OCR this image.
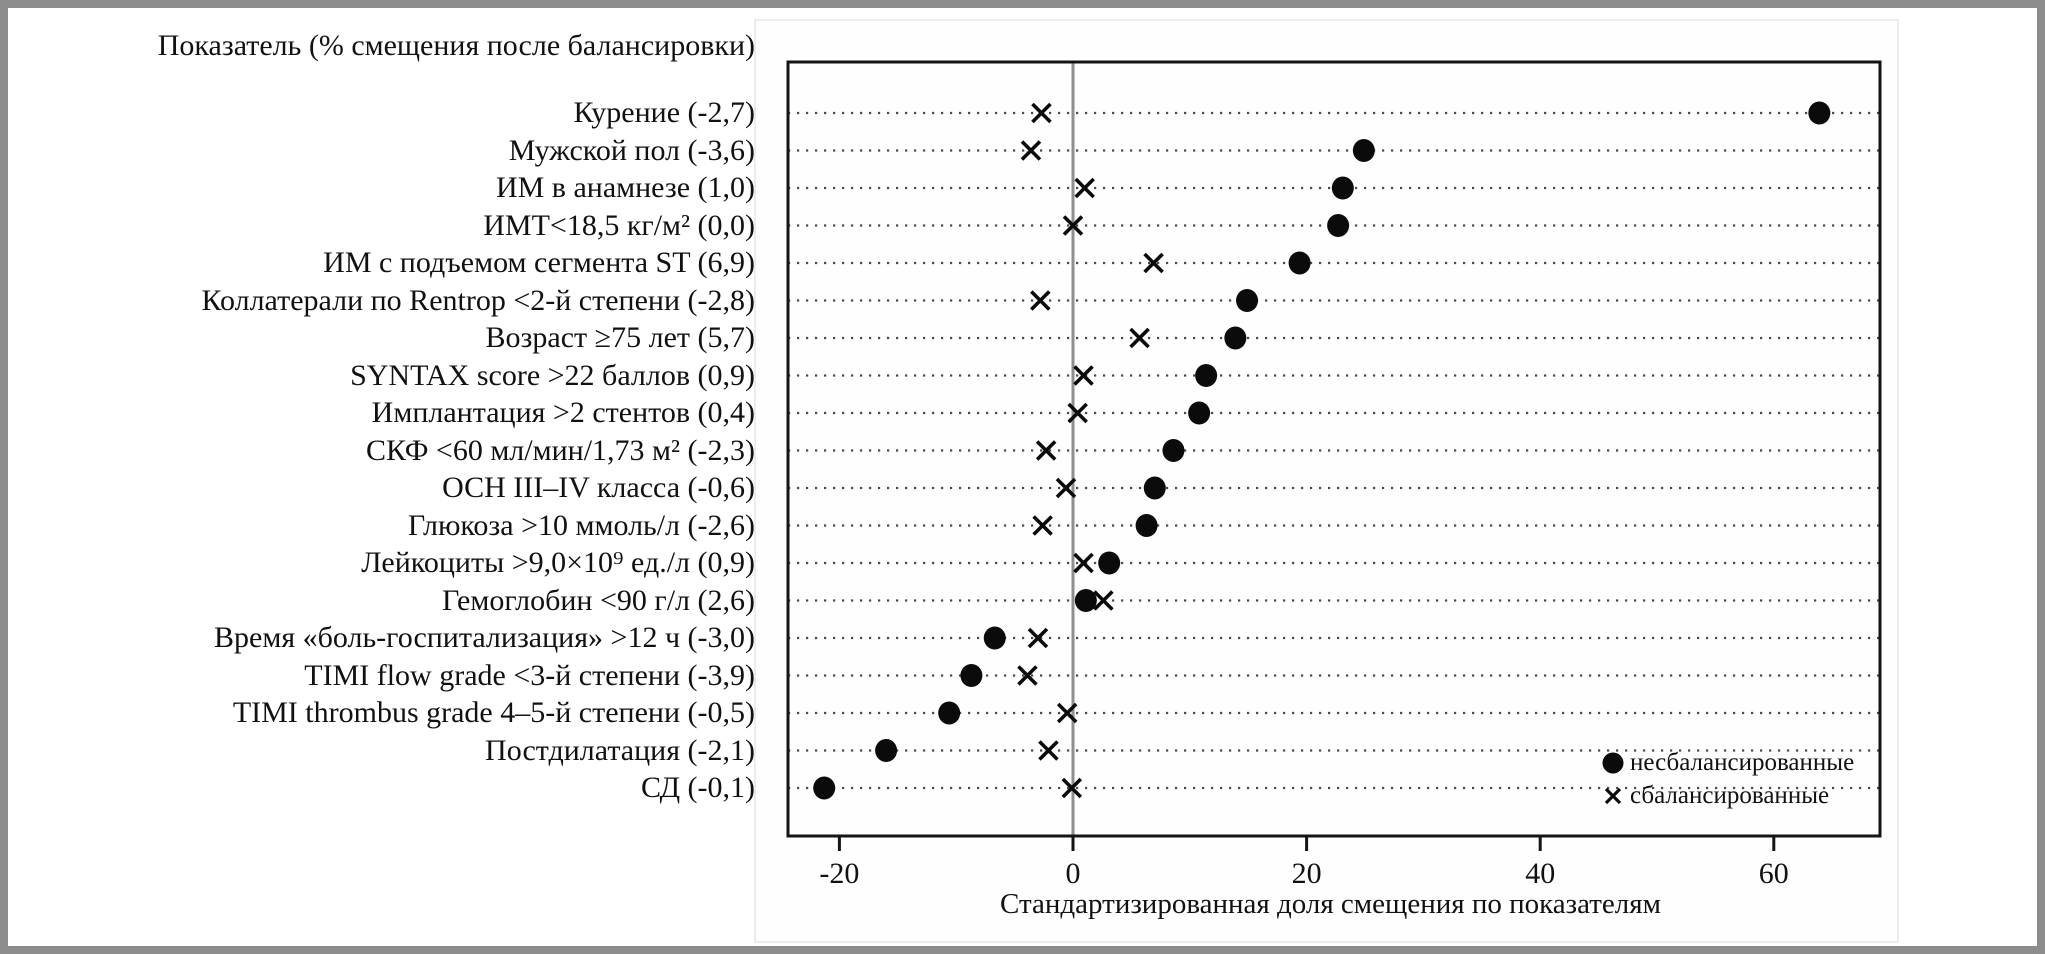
Показатель (% смещения после балансировки)
Курение (-2,7)
Мужской пол (-3,6)
ИМ в анамнезе (1,0)
ИМТ<18,5 кг/м² (0,0)
ИМ с подъемом сегмента ST (6,9)
Коллатерали по Rentrop <2-й степени (-2,8)
Возраст ≥75 лет (5,7)
SYNTAX score >22 баллов (0,9)
Имплантация >2 стентов (0,4)
СКФ <60 мл/мин/1,73 м² (-2,3)
ОСН III–IV класса (-0,6)
Глюкоза >10 ммоль/л (-2,6)
Лейкоциты >9,0×10⁹ ед./л (0,9)
Гемоглобин <90 г/л (2,6)
Время «боль-госпитализация» >12 ч (-3,0)
TIMI flow grade <3-й степени (-3,9)
TIMI thrombus grade 4–5-й степени (-0,5)
Постдилатация (-2,1)
СД (-0,1)
-20	0	20	40	60
Стандартизированная доля смещения по показателям
несбалансированные
сбалансированные
